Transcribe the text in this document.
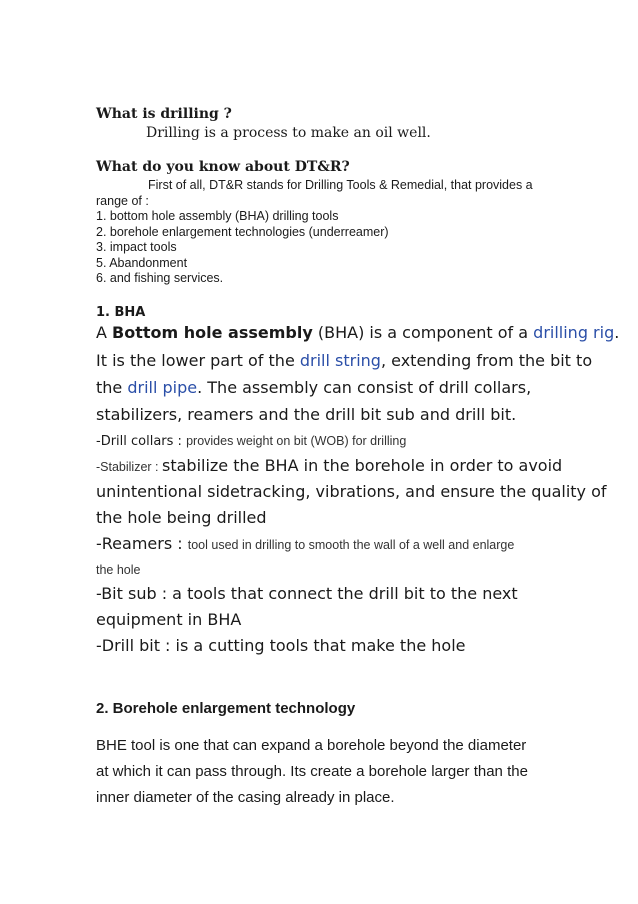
What is drilling ?

Drilling is a process to make an oil well.

What do you know about DT&R?

First of all, DT&R stands for Drilling Tools & Remedial, that provides a

range of :

1. bottom hole assembly (BHA) drilling tools

2. borehole enlargement technologies (underreamer)

3. impact tools

5. Abandonment

6. and fishing services.

1. BHA

A Bottom hole assembly (BHA) is a component of a drilling rig.

It is the lower part of the drill string, extending from the bit to

the drill pipe. The assembly can consist of drill collars,

stabilizers, reamers and the drill bit sub and drill bit.

-Drill collars : provides weight on bit (WOB) for drilling

-Stabilizer : stabilize the BHA in the borehole in order to avoid

unintentional sidetracking, vibrations, and ensure the quality of

the hole being drilled

-Reamers : tool used in drilling to smooth the wall of a well and enlarge

the hole

-Bit sub : a tools that connect the drill bit to the next

equipment in BHA

-Drill bit : is a cutting tools that make the hole

2. Borehole enlargement technology

BHE tool is one that can expand a borehole beyond the diameter

at which it can pass through. Its create a borehole larger than the

inner diameter of the casing already in place.
